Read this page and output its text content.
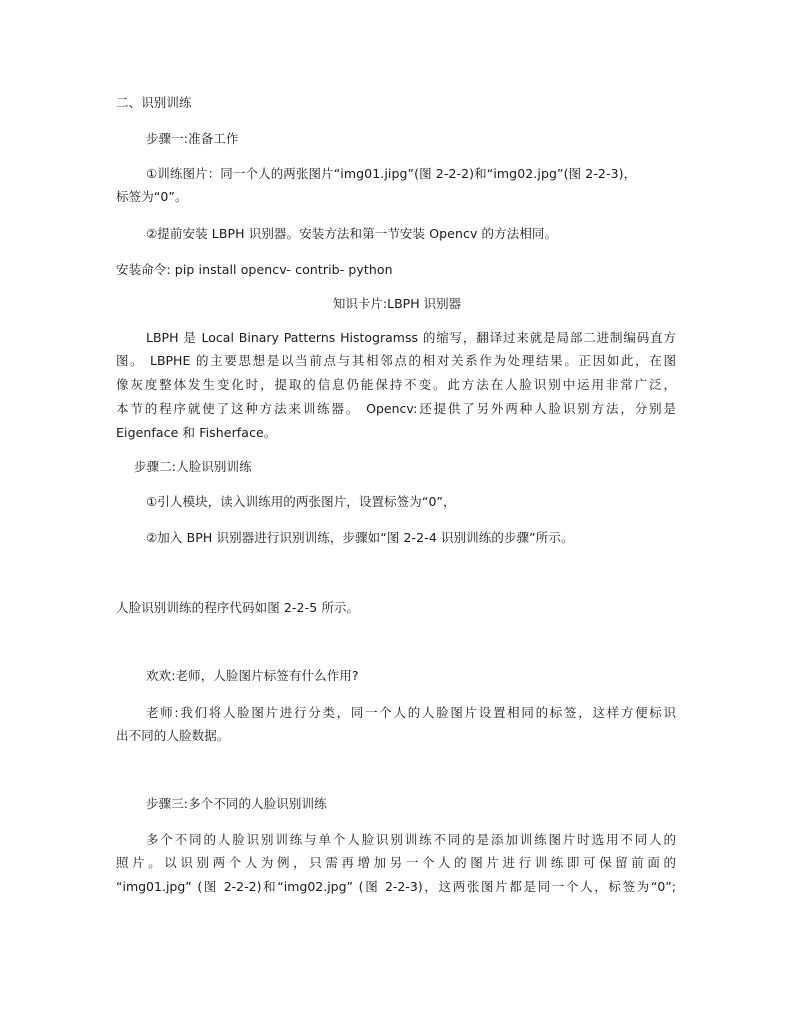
二、识别训练
步骤一:准备工作
①训练图片：同一个人的两张图片“img01.jipg”(图 2-2-2)和“img02.jpg”(图 2-2-3)，
标签为“0”。
②提前安装 LBPH 识别器。安装方法和第一节安装 Opencv 的方法相同。
安装命令: pip install opencv- contrib- python
知识卡片:LBPH 识别器
LBPH 是 Local Binary Patterns Histogramss 的缩写，翻译过来就是局部二进制编码直方
图。 LBPHE 的主要思想是以当前点与其相邻点的相对关系作为处理结果。正因如此，在图
像灰度整体发生变化时，提取的信息仍能保持不变。此方法在人脸识别中运用非常广泛，
本节的程序就使了这种方法来训练器。 Opencv:还提供了另外两种人脸识别方法，分别是
Eigenface 和 Fisherface。
步骤二:人脸识别训练
①引人模块，读入训练用的两张图片，设置标签为“0”，
②加入 BPH 识别器进行识别训练，步骤如“图 2-2-4 识别训练的步骤”所示。
人脸识别训练的程序代码如图 2-2-5 所示。
欢欢:老师，人脸图片标签有什么作用?
老师:我们将人脸图片进行分类，同一个人的人脸图片设置相同的标签，这样方便标识
出不同的人脸数据。
步骤三:多个不同的人脸识别训练
多个不同的人脸识别训练与单个人脸识别训练不同的是添加训练图片时选用不同人的
照片。以识别两个人为例，只需再增加另一个人的图片进行训练即可保留前面的
“img01.jpg” (图 2-2-2)和“img02.jpg” (图 2-2-3)，这两张图片都是同一个人，标签为“0”;
